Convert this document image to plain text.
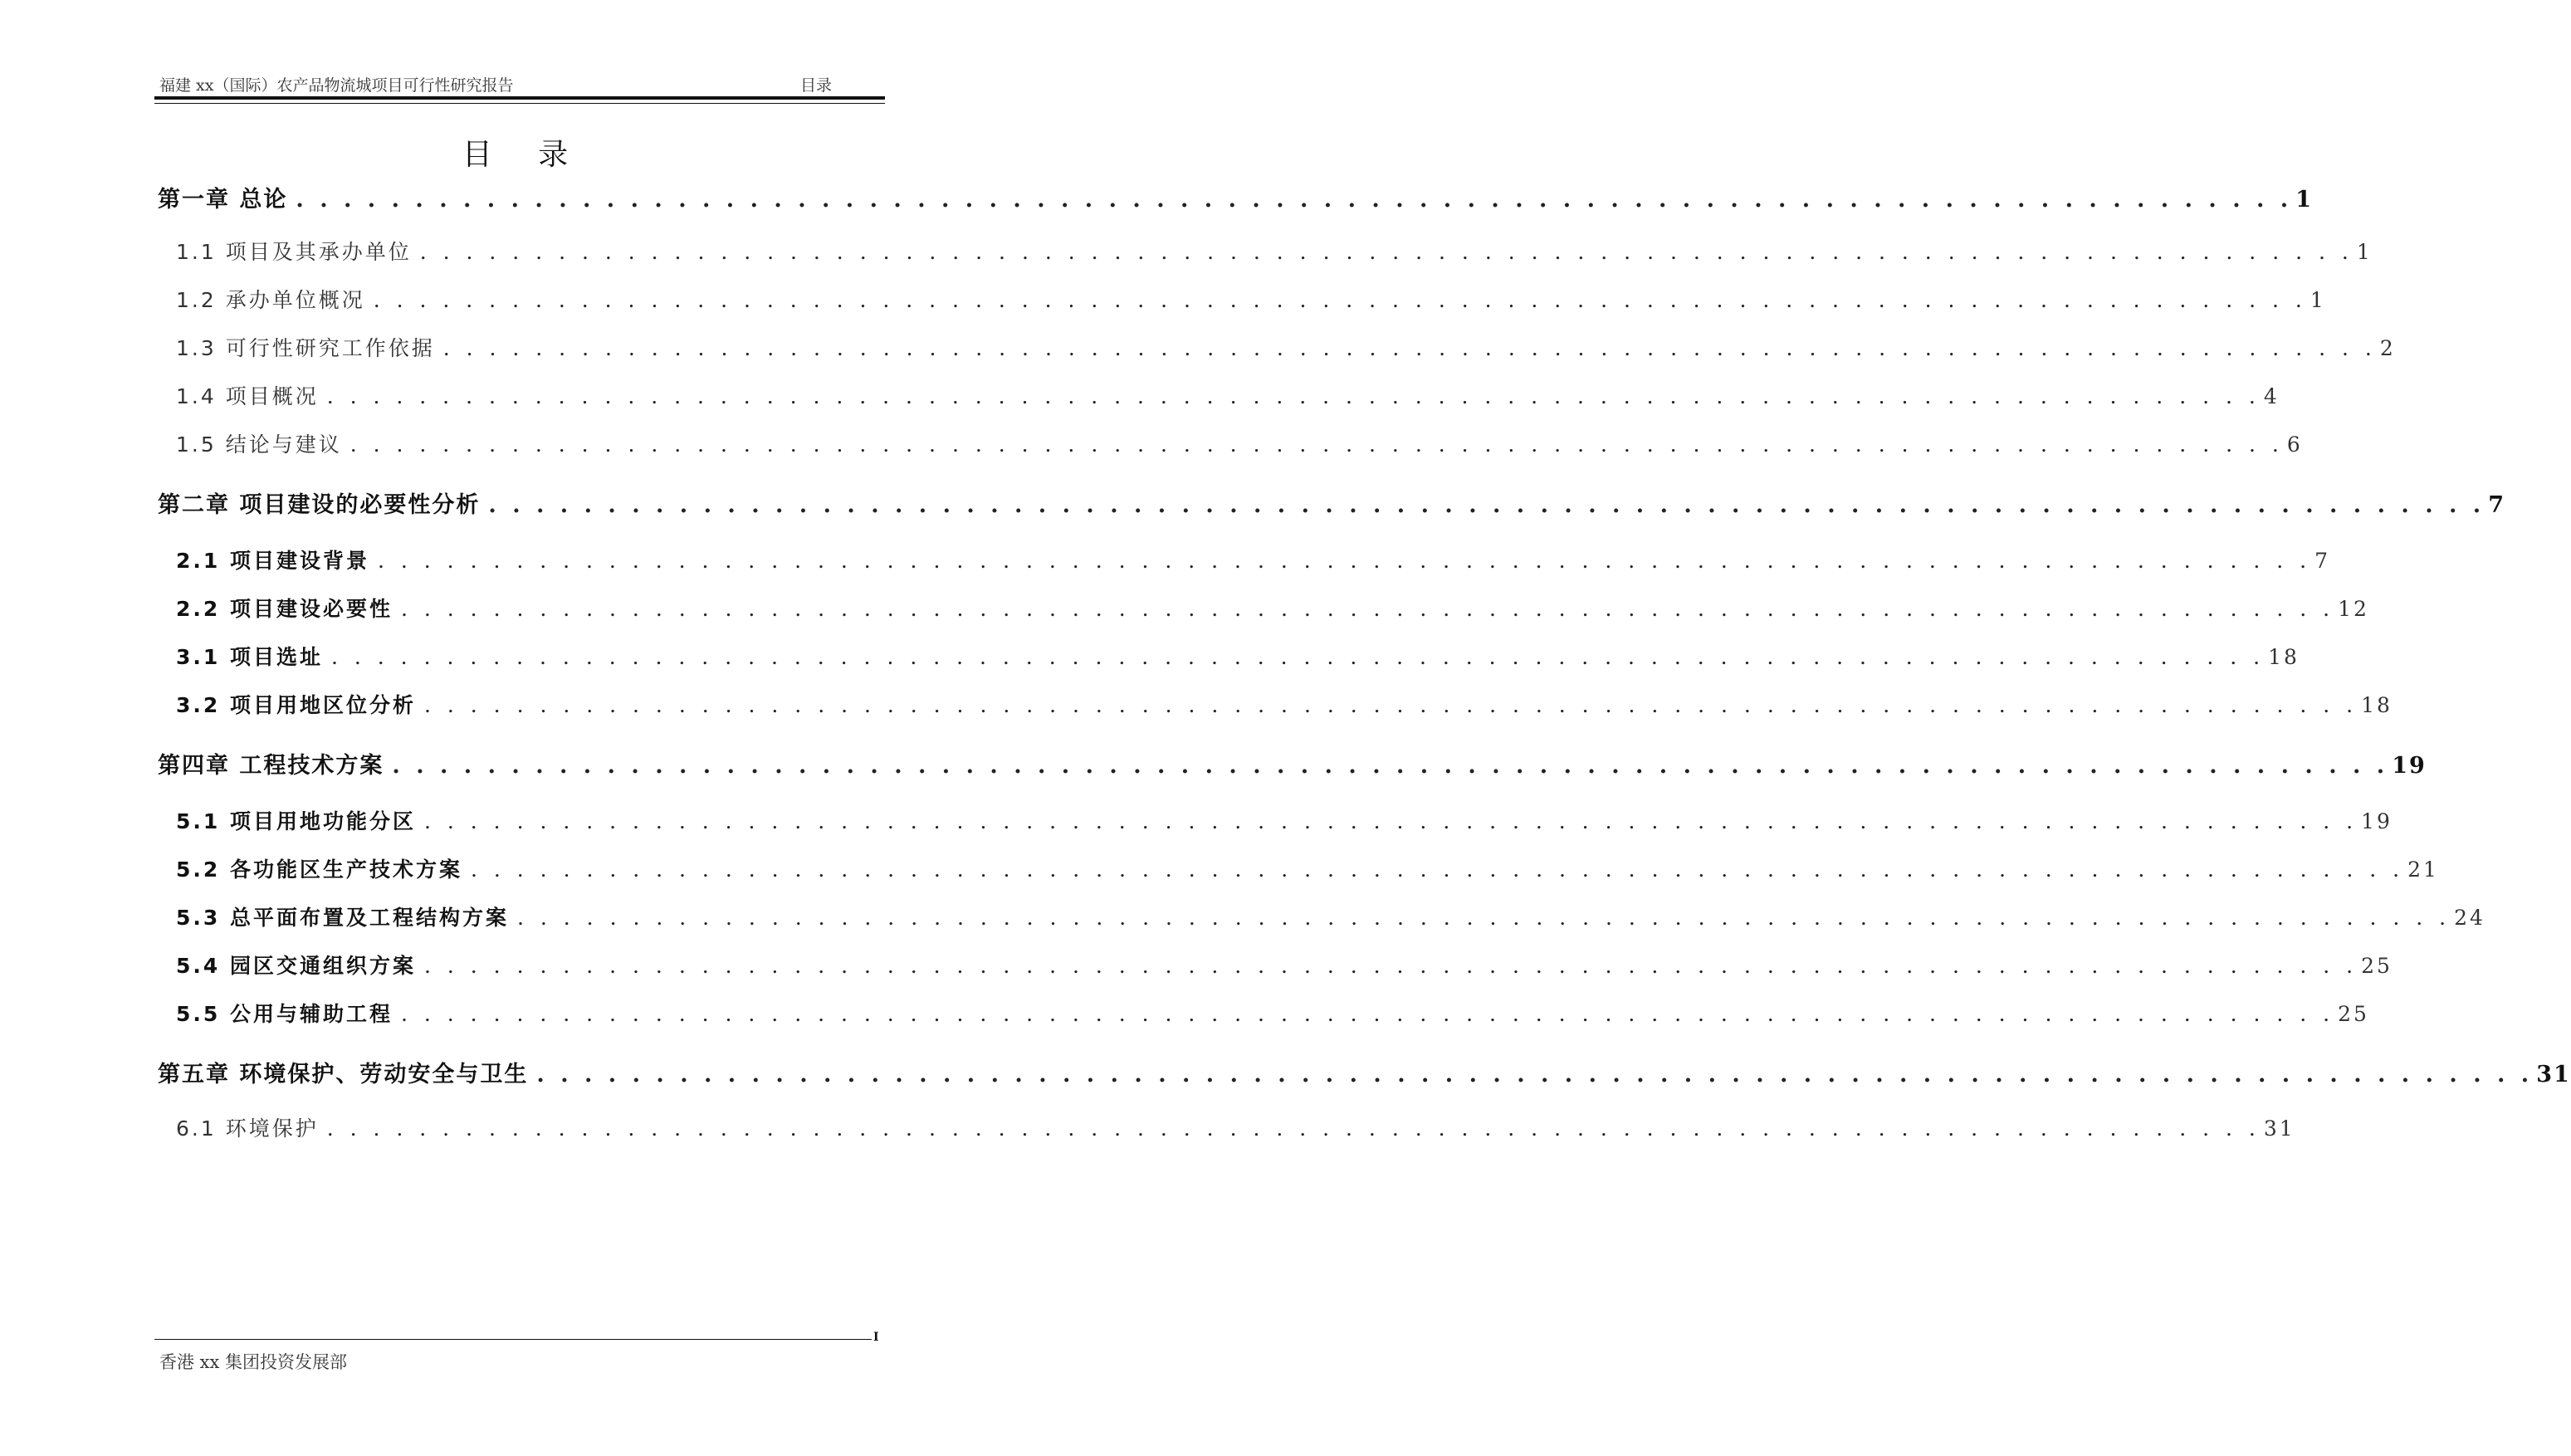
福建 xx（国际）农产品物流城项目可行性研究报告	目录
目 录
第一章 总论 . . . . . . . . . . . . . . . . . . . . . . . . . . . . . . . . . . . . . . . . . . . . . . . . . . . . . . . . . . . . . . . . . . . . . . . . . . . . . . . . . . . . 1
1.1 项目及其承办单位 . . . . . . . . . . . . . . . . . . . . . . . . . . . . . . . . . . . . . . . . . . . . . . . . . . . . . . . . . . . . . . . . . . . . . . . . . . . . . . . . . . . . 1
1.2 承办单位概况 . . . . . . . . . . . . . . . . . . . . . . . . . . . . . . . . . . . . . . . . . . . . . . . . . . . . . . . . . . . . . . . . . . . . . . . . . . . . . . . . . . . . 1
1.3 可行性研究工作依据 . . . . . . . . . . . . . . . . . . . . . . . . . . . . . . . . . . . . . . . . . . . . . . . . . . . . . . . . . . . . . . . . . . . . . . . . . . . . . . . . . . . . 2
1.4 项目概况 . . . . . . . . . . . . . . . . . . . . . . . . . . . . . . . . . . . . . . . . . . . . . . . . . . . . . . . . . . . . . . . . . . . . . . . . . . . . . . . . . . . . 4
1.5 结论与建议 . . . . . . . . . . . . . . . . . . . . . . . . . . . . . . . . . . . . . . . . . . . . . . . . . . . . . . . . . . . . . . . . . . . . . . . . . . . . . . . . . . . . 6
第二章 项目建设的必要性分析 . . . . . . . . . . . . . . . . . . . . . . . . . . . . . . . . . . . . . . . . . . . . . . . . . . . . . . . . . . . . . . . . . . . . . . . . . . . . . . . . . . . . 7
2.1 项目建设背景 . . . . . . . . . . . . . . . . . . . . . . . . . . . . . . . . . . . . . . . . . . . . . . . . . . . . . . . . . . . . . . . . . . . . . . . . . . . . . . . . . . . . 7
2.2 项目建设必要性 . . . . . . . . . . . . . . . . . . . . . . . . . . . . . . . . . . . . . . . . . . . . . . . . . . . . . . . . . . . . . . . . . . . . . . . . . . . . . . . . . . . . 12
3.1 项目选址 . . . . . . . . . . . . . . . . . . . . . . . . . . . . . . . . . . . . . . . . . . . . . . . . . . . . . . . . . . . . . . . . . . . . . . . . . . . . . . . . . . . . 18
3.2 项目用地区位分析 . . . . . . . . . . . . . . . . . . . . . . . . . . . . . . . . . . . . . . . . . . . . . . . . . . . . . . . . . . . . . . . . . . . . . . . . . . . . . . . . . . . . 18
第四章 工程技术方案 . . . . . . . . . . . . . . . . . . . . . . . . . . . . . . . . . . . . . . . . . . . . . . . . . . . . . . . . . . . . . . . . . . . . . . . . . . . . . . . . . . . . 19
5.1 项目用地功能分区 . . . . . . . . . . . . . . . . . . . . . . . . . . . . . . . . . . . . . . . . . . . . . . . . . . . . . . . . . . . . . . . . . . . . . . . . . . . . . . . . . . . . 19
5.2 各功能区生产技术方案 . . . . . . . . . . . . . . . . . . . . . . . . . . . . . . . . . . . . . . . . . . . . . . . . . . . . . . . . . . . . . . . . . . . . . . . . . . . . . . . . . . . . 21
5.3 总平面布置及工程结构方案 . . . . . . . . . . . . . . . . . . . . . . . . . . . . . . . . . . . . . . . . . . . . . . . . . . . . . . . . . . . . . . . . . . . . . . . . . . . . . . . . . . . . 24
5.4 园区交通组织方案 . . . . . . . . . . . . . . . . . . . . . . . . . . . . . . . . . . . . . . . . . . . . . . . . . . . . . . . . . . . . . . . . . . . . . . . . . . . . . . . . . . . . 25
5.5 公用与辅助工程 . . . . . . . . . . . . . . . . . . . . . . . . . . . . . . . . . . . . . . . . . . . . . . . . . . . . . . . . . . . . . . . . . . . . . . . . . . . . . . . . . . . . 25
第五章 环境保护、劳动安全与卫生 . . . . . . . . . . . . . . . . . . . . . . . . . . . . . . . . . . . . . . . . . . . . . . . . . . . . . . . . . . . . . . . . . . . . . . . . . . . . . . . . . . . . 31
6.1 环境保护 . . . . . . . . . . . . . . . . . . . . . . . . . . . . . . . . . . . . . . . . . . . . . . . . . . . . . . . . . . . . . . . . . . . . . . . . . . . . . . . . . . . . 31
I
香港 xx 集团投资发展部
